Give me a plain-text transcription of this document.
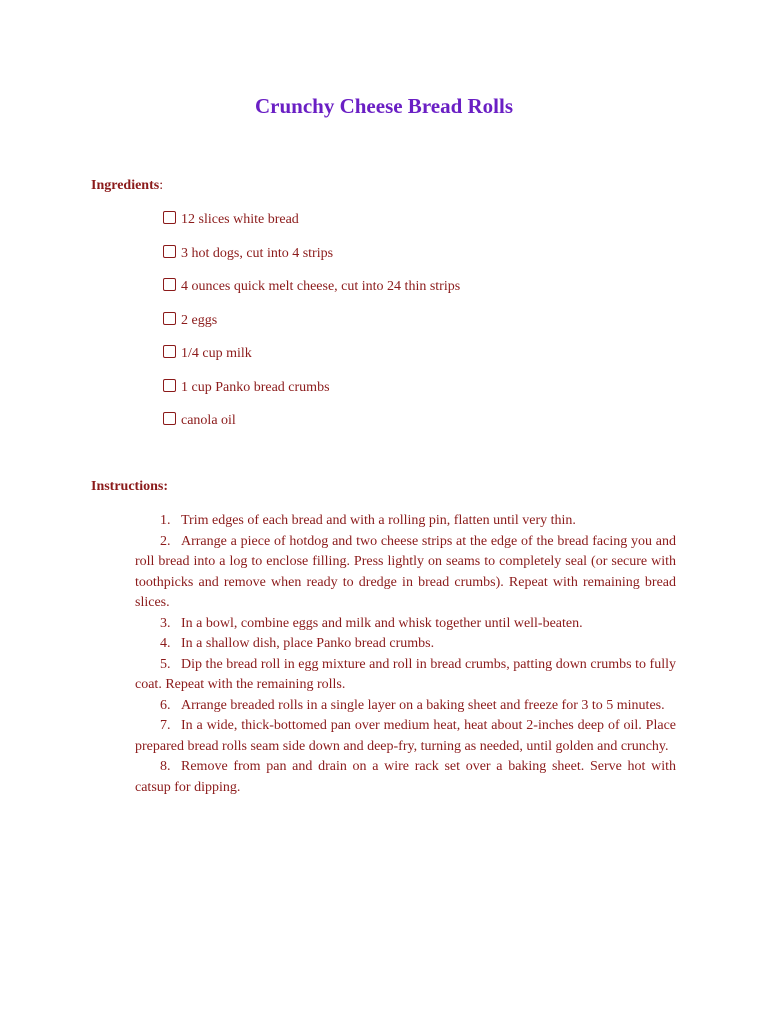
Crunchy Cheese Bread Rolls
Ingredients:
12 slices white bread
3 hot dogs, cut into 4 strips
4 ounces quick melt cheese, cut into 24 thin strips
2 eggs
1/4 cup milk
1 cup Panko bread crumbs
canola oil
Instructions:
1. Trim edges of each bread and with a rolling pin, flatten until very thin.
2. Arrange a piece of hotdog and two cheese strips at the edge of the bread facing you and roll bread into a log to enclose filling. Press lightly on seams to completely seal (or secure with toothpicks and remove when ready to dredge in bread crumbs). Repeat with remaining bread slices.
3. In a bowl, combine eggs and milk and whisk together until well-beaten.
4. In a shallow dish, place Panko bread crumbs.
5. Dip the bread roll in egg mixture and roll in bread crumbs, patting down crumbs to fully coat. Repeat with the remaining rolls.
6. Arrange breaded rolls in a single layer on a baking sheet and freeze for 3 to 5 minutes.
7. In a wide, thick-bottomed pan over medium heat, heat about 2-inches deep of oil. Place prepared bread rolls seam side down and deep-fry, turning as needed, until golden and crunchy.
8. Remove from pan and drain on a wire rack set over a baking sheet. Serve hot with catsup for dipping.
